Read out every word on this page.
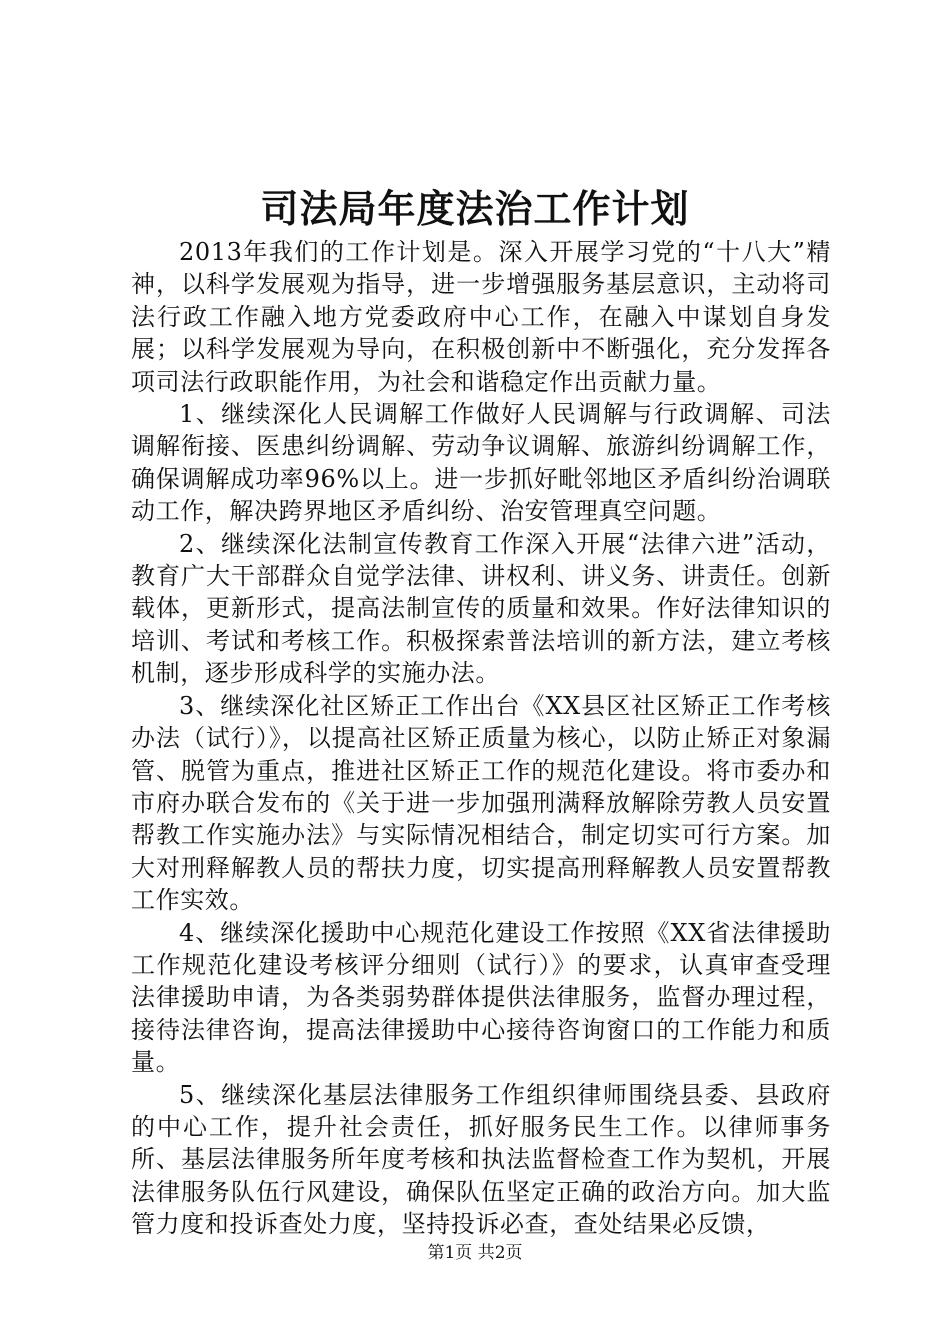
司法局年度法治工作计划

2013年我们的工作计划是。深入开展学习党的“十八大”精神，以科学发展观为指导，进一步增强服务基层意识，主动将司法行政工作融入地方党委政府中心工作，在融入中谋划自身发展；以科学发展观为导向，在积极创新中不断强化，充分发挥各项司法行政职能作用，为社会和谐稳定作出贡献力量。

1、继续深化人民调解工作做好人民调解与行政调解、司法调解衔接、医患纠纷调解、劳动争议调解、旅游纠纷调解工作，确保调解成功率96%以上。进一步抓好毗邻地区矛盾纠纷治调联动工作，解决跨界地区矛盾纠纷、治安管理真空问题。

2、继续深化法制宣传教育工作深入开展“法律六进”活动，教育广大干部群众自觉学法律、讲权利、讲义务、讲责任。创新载体，更新形式，提高法制宣传的质量和效果。作好法律知识的培训、考试和考核工作。积极探索普法培训的新方法，建立考核机制，逐步形成科学的实施办法。

3、继续深化社区矫正工作出台《XX县区社区矫正工作考核办法（试行）》，以提高社区矫正质量为核心，以防止矫正对象漏管、脱管为重点，推进社区矫正工作的规范化建设。将市委办和市府办联合发布的《关于进一步加强刑满释放解除劳教人员安置帮教工作实施办法》与实际情况相结合，制定切实可行方案。加大对刑释解教人员的帮扶力度，切实提高刑释解教人员安置帮教工作实效。

4、继续深化援助中心规范化建设工作按照《XX省法律援助工作规范化建设考核评分细则（试行）》的要求，认真审查受理法律援助申请，为各类弱势群体提供法律服务，监督办理过程，接待法律咨询，提高法律援助中心接待咨询窗口的工作能力和质量。

5、继续深化基层法律服务工作组织律师围绕县委、县政府的中心工作，提升社会责任，抓好服务民生工作。以律师事务所、基层法律服务所年度考核和执法监督检查工作为契机，开展法律服务队伍行风建设，确保队伍坚定正确的政治方向。加大监管力度和投诉查处力度，坚持投诉必查，查处结果必反馈，

第1页 共2页
